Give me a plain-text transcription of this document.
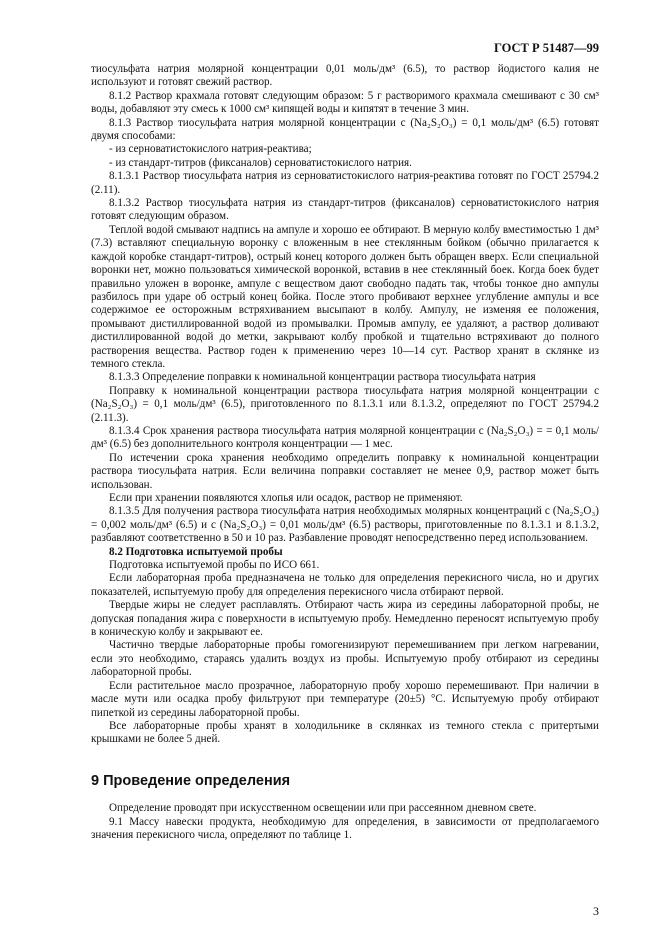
ГОСТ Р 51487—99

тиосульфата натрия молярной концентрации 0,01 моль/дм³ (6.5), то раствор йодистого калия не используют и готовят свежий раствор.

8.1.2 Раствор крахмала готовят следующим образом: 5 г растворимого крахмала смешивают с 30 см³ воды, добавляют эту смесь к 1000 см³ кипящей воды и кипятят в течение 3 мин.

8.1.3 Раствор тиосульфата натрия молярной концентрации c (Na₂S₂O₃) = 0,1 моль/дм³ (6.5) готовят двумя способами:

- из серноватистокислого натрия-реактива;

- из стандарт-титров (фиксаналов) серноватистокислого натрия.

8.1.3.1 Раствор тиосульфата натрия из серноватистокислого натрия-реактива готовят по ГОСТ 25794.2 (2.11).

8.1.3.2 Раствор тиосульфата натрия из стандарт-титров (фиксаналов) серноватистокислого натрия готовят следующим образом.

Теплой водой смывают надпись на ампуле и хорошо ее обтирают. В мерную колбу вместимостью 1 дм³ (7.3) вставляют специальную воронку с вложенным в нее стеклянным бойком (обычно прилагается к каждой коробке стандарт-титров), острый конец которого должен быть обращен вверх. Если специальной воронки нет, можно пользоваться химической воронкой, вставив в нее стеклянный боек. Когда боек будет правильно уложен в воронке, ампуле с веществом дают свободно падать так, чтобы тонкое дно ампулы разбилось при ударе об острый конец бойка. После этого пробивают верхнее углубление ампулы и все содержимое ее осторожным встряхиванием высыпают в колбу. Ампулу, не изменяя ее положения, промывают дистиллированной водой из промывалки. Промыв ампулу, ее удаляют, а раствор доливают дистиллированной водой до метки, закрывают колбу пробкой и тщательно встряхивают до полного растворения вещества. Раствор годен к применению через 10—14 сут. Раствор хранят в склянке из темного стекла.

8.1.3.3 Определение поправки к номинальной концентрации раствора тиосульфата натрия

Поправку к номинальной концентрации раствора тиосульфата натрия молярной концентрации c (Na₂S₂O₃) = 0,1 моль/дм³ (6.5), приготовленного по 8.1.3.1 или 8.1.3.2, определяют по ГОСТ 25794.2 (2.11.3).

8.1.3.4 Срок хранения раствора тиосульфата натрия молярной концентрации c (Na₂S₂O₃) = = 0,1 моль/дм³ (6.5) без дополнительного контроля концентрации — 1 мес.

По истечении срока хранения необходимо определить поправку к номинальной концентрации раствора тиосульфата натрия. Если величина поправки составляет не менее 0,9, раствор может быть использован.

Если при хранении появляются хлопья или осадок, раствор не применяют.

8.1.3.5 Для получения раствора тиосульфата натрия необходимых молярных концентраций c (Na₂S₂O₃) = 0,002 моль/дм³ (6.5) и c (Na₂S₂O₃) = 0,01 моль/дм³ (6.5) растворы, приготовленные по 8.1.3.1 и 8.1.3.2, разбавляют соответственно в 50 и 10 раз. Разбавление проводят непосредственно перед использованием.

8.2 Подготовка испытуемой пробы

Подготовка испытуемой пробы по ИСО 661.

Если лабораторная проба предназначена не только для определения перекисного числа, но и других показателей, испытуемую пробу для определения перекисного числа отбирают первой.

Твердые жиры не следует расплавлять. Отбирают часть жира из середины лабораторной пробы, не допуская попадания жира с поверхности в испытуемую пробу. Немедленно переносят испытуемую пробу в коническую колбу и закрывают ее.

Частично твердые лабораторные пробы гомогенизируют перемешиванием при легком нагревании, если это необходимо, стараясь удалить воздух из пробы. Испытуемую пробу отбирают из середины лабораторной пробы.

Если растительное масло прозрачное, лабораторную пробу хорошо перемешивают. При наличии в масле мути или осадка пробу фильтруют при температуре (20±5) °С. Испытуемую пробу отбирают пипеткой из середины лабораторной пробы.

Все лабораторные пробы хранят в холодильнике в склянках из темного стекла с притертыми крышками не более 5 дней.

9 Проведение определения

Определение проводят при искусственном освещении или при рассеянном дневном свете.

9.1 Массу навески продукта, необходимую для определения, в зависимости от предполагаемого значения перекисного числа, определяют по таблице 1.

3
